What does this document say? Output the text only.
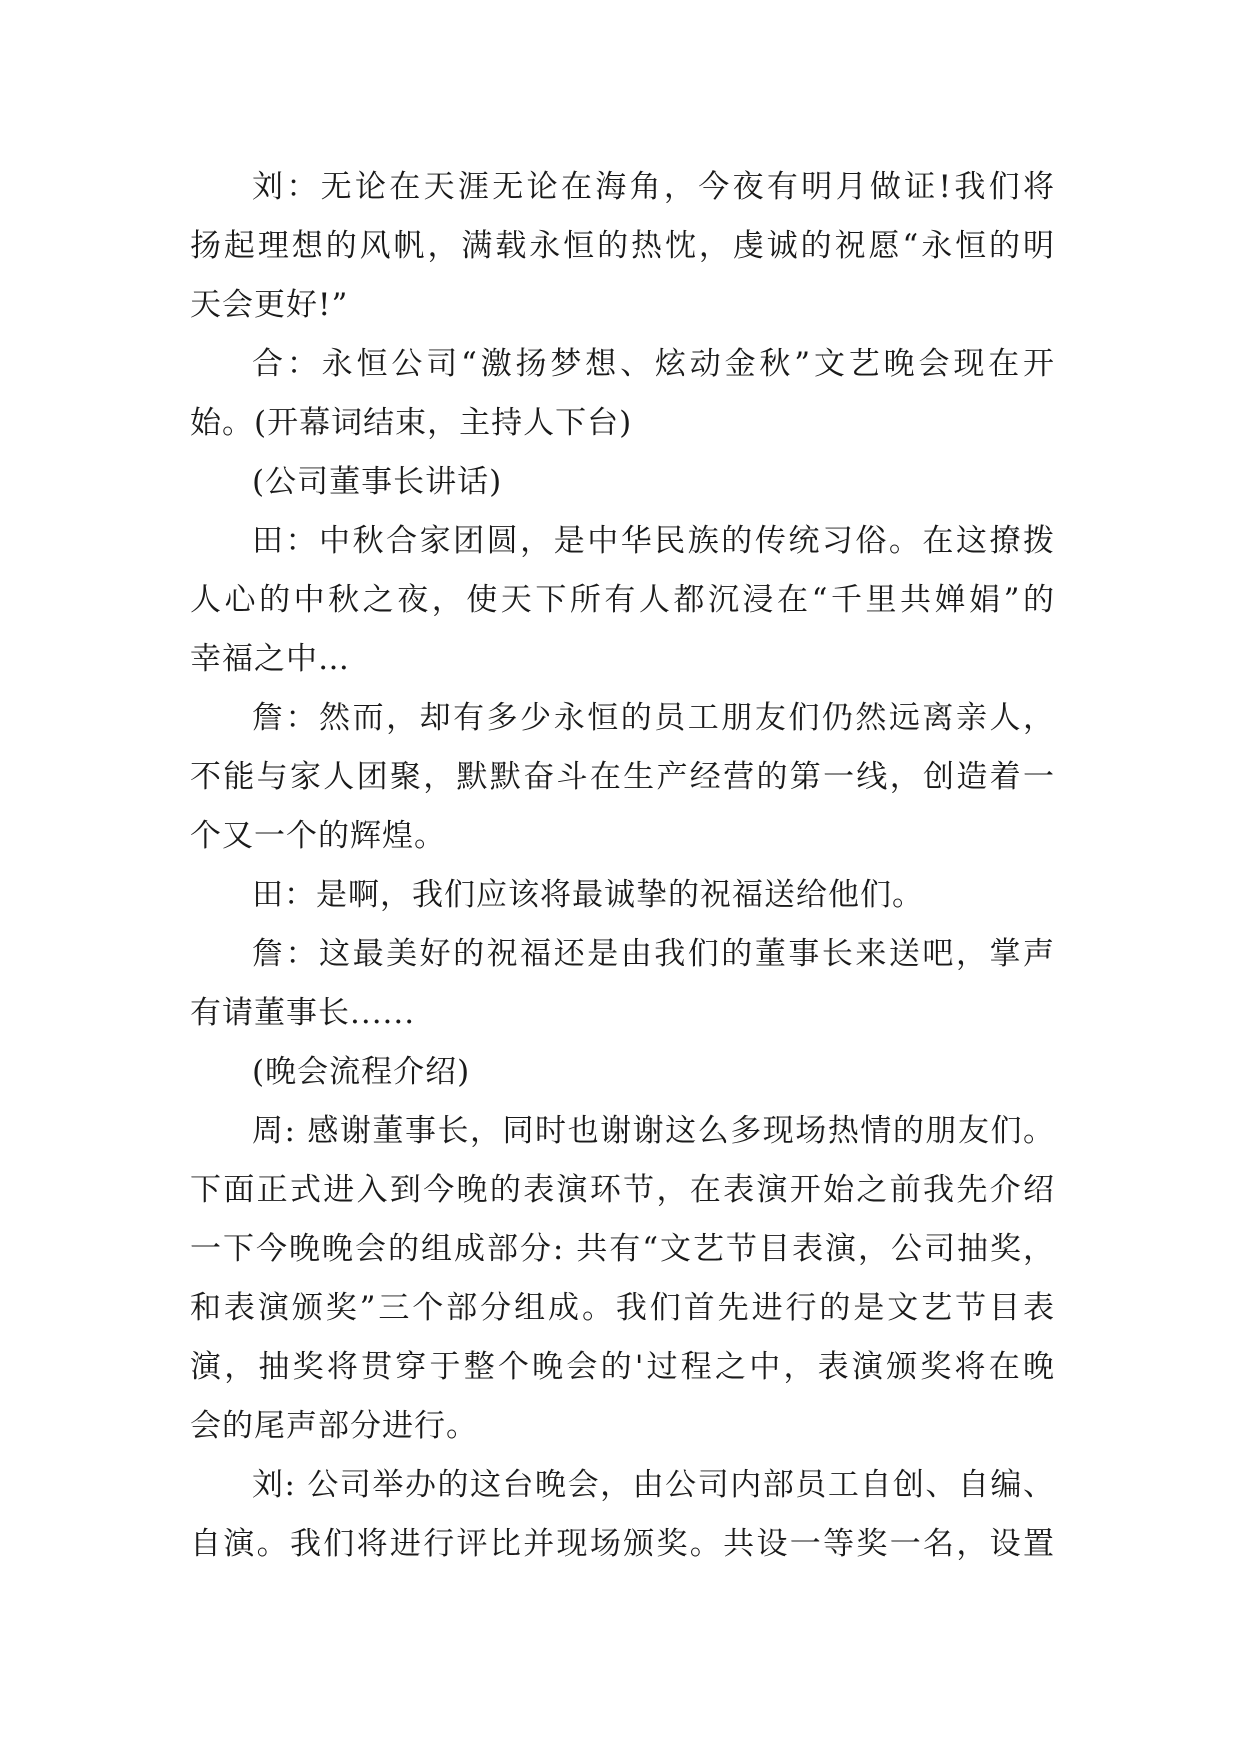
刘：无论在天涯无论在海角，今夜有明月做证!我们将
扬起理想的风帆，满载永恒的热忱，虔诚的祝愿“永恒的明
天会更好!”
合：永恒公司“激扬梦想、炫动金秋”文艺晚会现在开
始。(开幕词结束，主持人下台)
(公司董事长讲话)
田：中秋合家团圆，是中华民族的传统习俗。在这撩拨
人心的中秋之夜，使天下所有人都沉浸在“千里共婵娟”的
幸福之中…
詹：然而，却有多少永恒的员工朋友们仍然远离亲人，
不能与家人团聚，默默奋斗在生产经营的第一线，创造着一
个又一个的辉煌。
田：是啊，我们应该将最诚挚的祝福送给他们。
詹：这最美好的祝福还是由我们的董事长来送吧，掌声
有请董事长......
(晚会流程介绍)
周: 感谢董事长，同时也谢谢这么多现场热情的朋友们。
下面正式进入到今晚的表演环节，在表演开始之前我先介绍
一下今晚晚会的组成部分: 共有“文艺节目表演，公司抽奖，
和表演颁奖”三个部分组成。我们首先进行的是文艺节目表
演，抽奖将贯穿于整个晚会的'过程之中，表演颁奖将在晚
会的尾声部分进行。
刘: 公司举办的这台晚会，由公司内部员工自创、自编、
自演。我们将进行评比并现场颁奖。共设一等奖一名，设置
